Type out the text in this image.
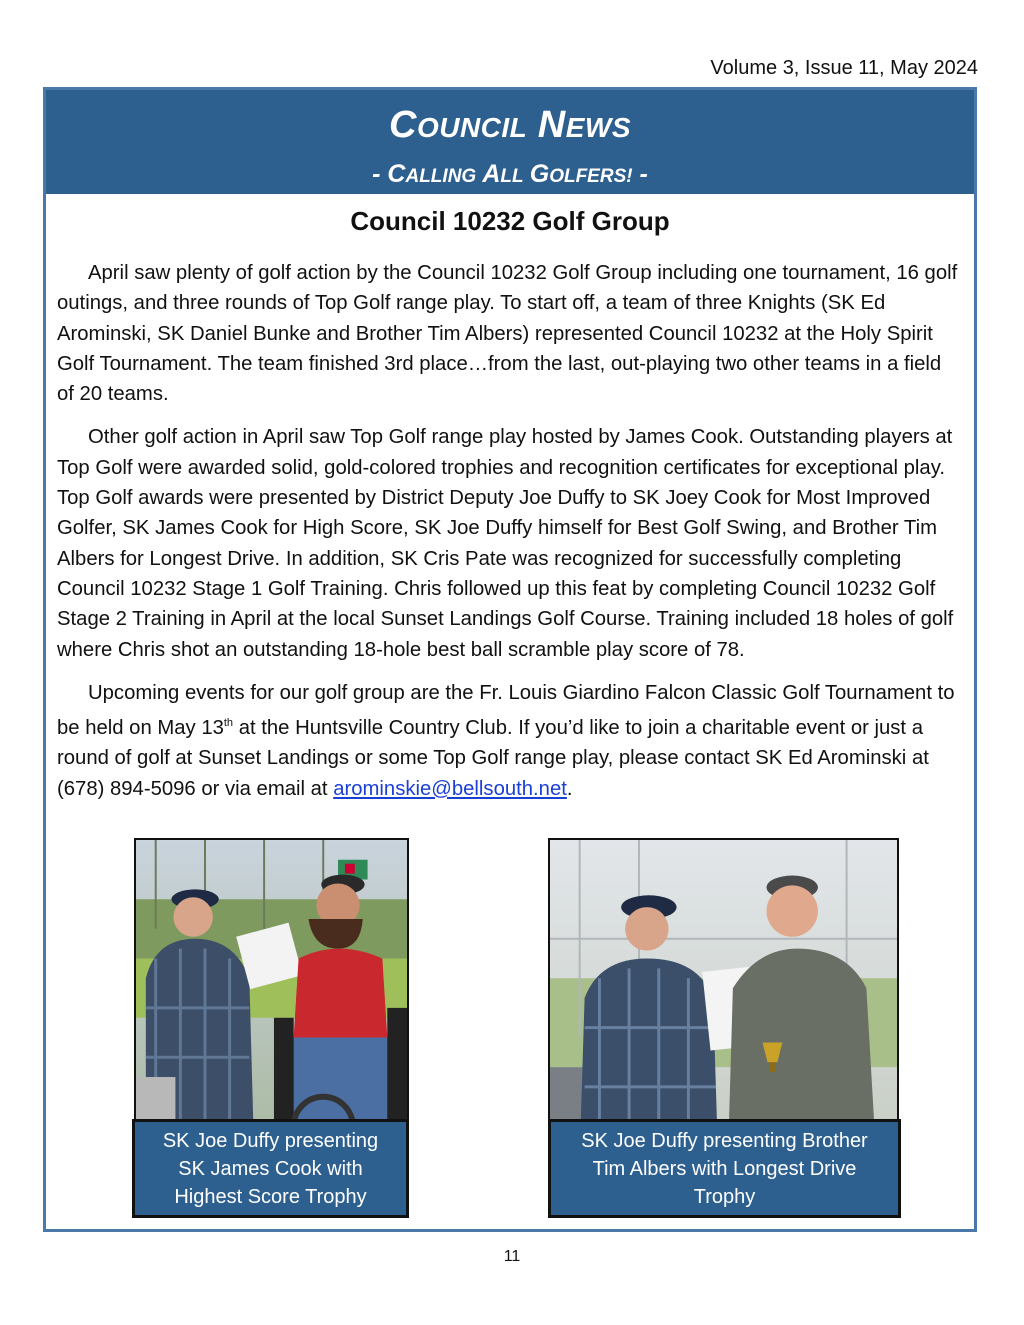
Volume 3, Issue 11, May 2024
COUNCIL NEWS
- CALLING ALL GOLFERS! -
Council 10232 Golf Group

April saw plenty of golf action by the Council 10232 Golf Group including one tournament, 16 golf outings, and three rounds of Top Golf range play. To start off, a team of three Knights (SK Ed Arominski, SK Daniel Bunke and Brother Tim Albers) represented Council 10232 at the Holy Spirit Golf Tournament. The team finished 3rd place…from the last, out-playing two other teams in a field of 20 teams.

Other golf action in April saw Top Golf range play hosted by James Cook. Outstanding players at Top Golf were awarded solid, gold-colored trophies and recognition certificates for exceptional play. Top Golf awards were presented by District Deputy Joe Duffy to SK Joey Cook for Most Improved Golfer, SK James Cook for High Score, SK Joe Duffy himself for Best Golf Swing, and Brother Tim Albers for Longest Drive. In addition, SK Cris Pate was recognized for successfully completing Council 10232 Stage 1 Golf Training. Chris followed up this feat by completing Council 10232 Golf Stage 2 Training in April at the local Sunset Landings Golf Course. Training included 18 holes of golf where Chris shot an outstanding 18-hole best ball scramble play score of 78.

Upcoming events for our golf group are the Fr. Louis Giardino Falcon Classic Golf Tournament to be held on May 13th at the Huntsville Country Club. If you’d like to join a charitable event or just a round of golf at Sunset Landings or some Top Golf range play, please contact SK Ed Arominski at (678) 894-5096 or via email at arominskie@bellsouth.net.

SK Joe Duffy presenting SK James Cook with Highest Score Trophy
SK Joe Duffy presenting Brother Tim Albers with Longest Drive Trophy
11
